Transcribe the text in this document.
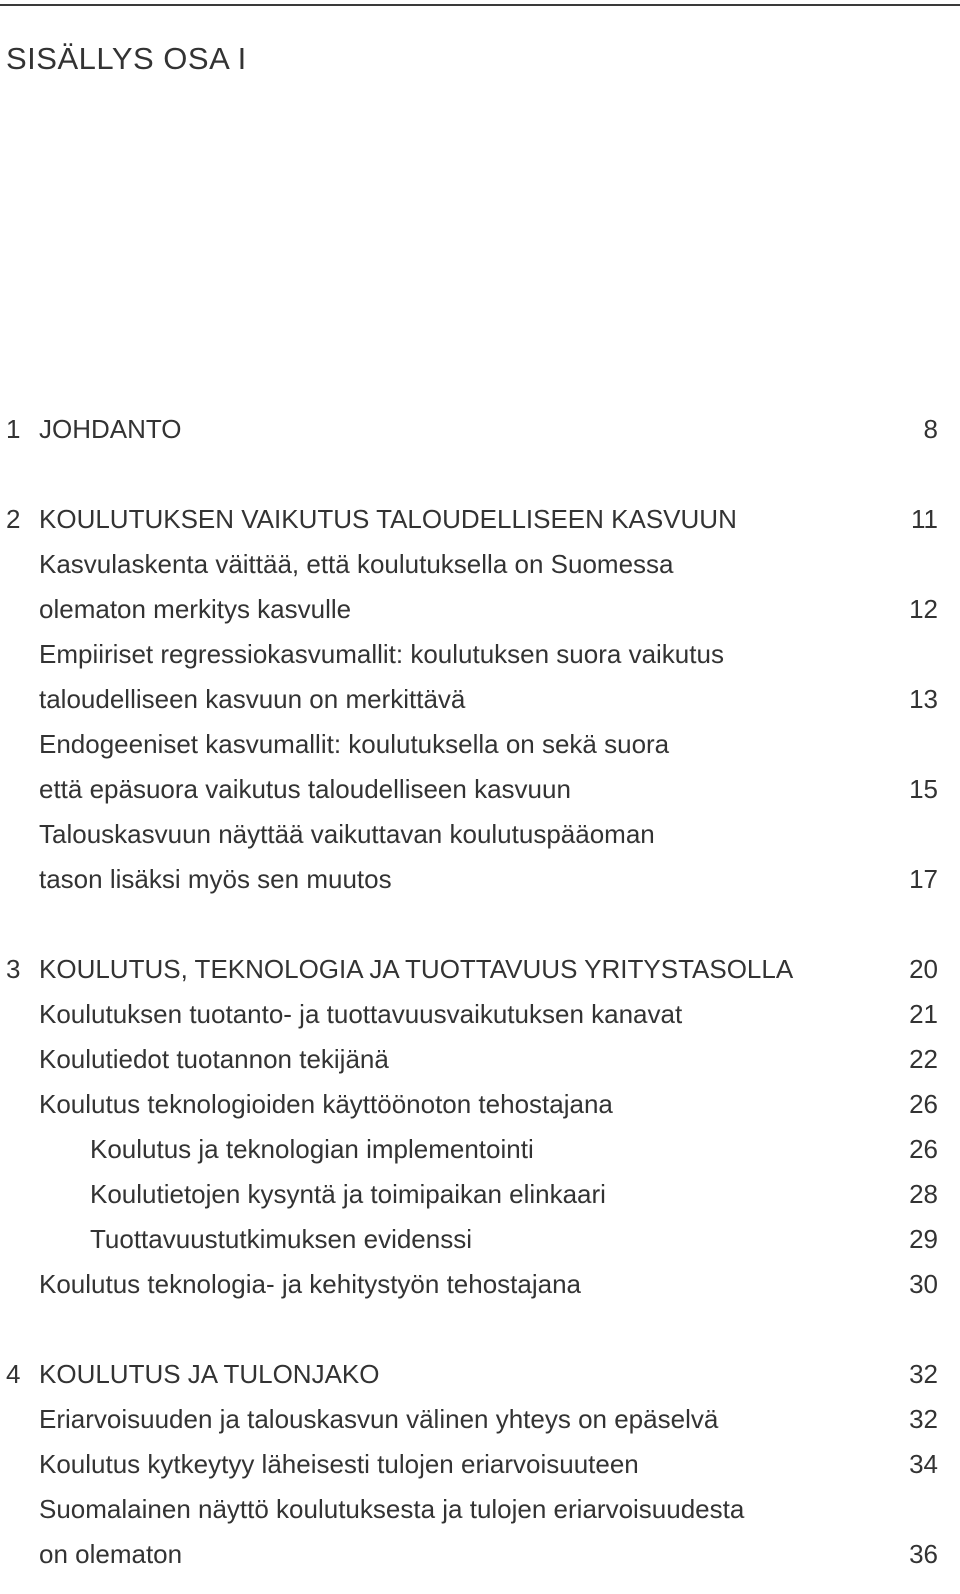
SISÄLLYS OSA I
1 JOHDANTO	8
2 KOULUTUKSEN VAIKUTUS TALOUDELLISEEN KASVUUN	11
Kasvulaskenta väittää, että koulutuksella on Suomessa
olematon merkitys kasvulle	12
Empiiriset regressiokasvumallit: koulutuksen suora vaikutus
taloudelliseen kasvuun on merkittävä	13
Endogeeniset kasvumallit: koulutuksella on sekä suora
että epäsuora vaikutus taloudelliseen kasvuun	15
Talouskasvuun näyttää vaikuttavan koulutuspääoman
tason lisäksi myös sen muutos	17
3 KOULUTUS, TEKNOLOGIA JA TUOTTAVUUS YRITYSTASOLLA	20
Koulutuksen tuotanto- ja tuottavuusvaikutuksen kanavat	21
Koulutiedot tuotannon tekijänä	22
Koulutus teknologioiden käyttöönoton tehostajana	26
Koulutus ja teknologian implementointi	26
Koulutietojen kysyntä ja toimipaikan elinkaari	28
Tuottavuustutkimuksen evidenssi	29
Koulutus teknologia- ja kehitystyön tehostajana	30
4 KOULUTUS JA TULONJAKO	32
Eriarvoisuuden ja talouskasvun välinen yhteys on epäselvä	32
Koulutus kytkeytyy läheisesti tulojen eriarvoisuuteen	34
Suomalainen näyttö koulutuksesta ja tulojen eriarvoisuudesta
on olematon	36
